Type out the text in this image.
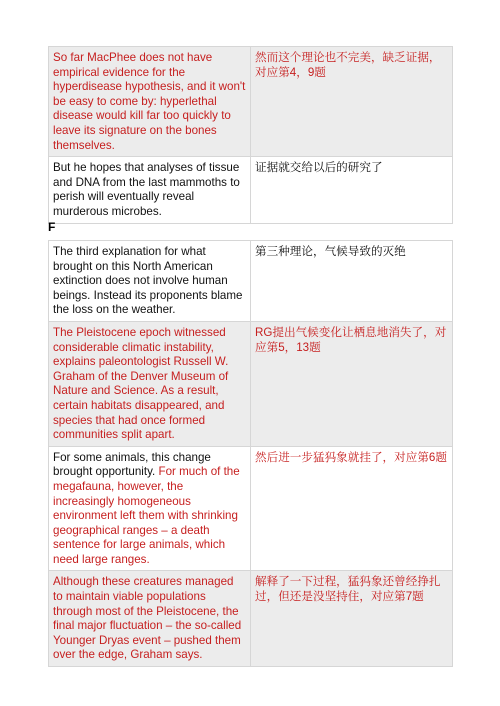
So far MacPhee does not have empirical evidence for the hyperdisease hypothesis, and it won't be easy to come by: hyperlethal disease would kill far too quickly to leave its signature on the bones themselves.	然而这个理论也不完美，缺乏证据，对应第4，9题
But he hopes that analyses of tissue and DNA from the last mammoths to perish will eventually reveal murderous microbes.	证据就交给以后的研究了
F
The third explanation for what brought on this North American extinction does not involve human beings. Instead its proponents blame the loss on the weather.	第三种理论，气候导致的灭绝
The Pleistocene epoch witnessed considerable climatic instability, explains paleontologist Russell W. Graham of the Denver Museum of Nature and Science. As a result, certain habitats disappeared, and species that had once formed communities split apart.	RG提出气候变化让栖息地消失了，对应第5，13题
For some animals, this change brought opportunity. For much of the megafauna, however, the increasingly homogeneous environment left them with shrinking geographical ranges – a death sentence for large animals, which need large ranges.	然后进一步猛犸象就挂了，对应第6题
Although these creatures managed to maintain viable populations through most of the Pleistocene, the final major fluctuation – the so-called Younger Dryas event – pushed them over the edge, Graham says.	解释了一下过程，猛犸象还曾经挣扎过，但还是没坚持住，对应第7题
